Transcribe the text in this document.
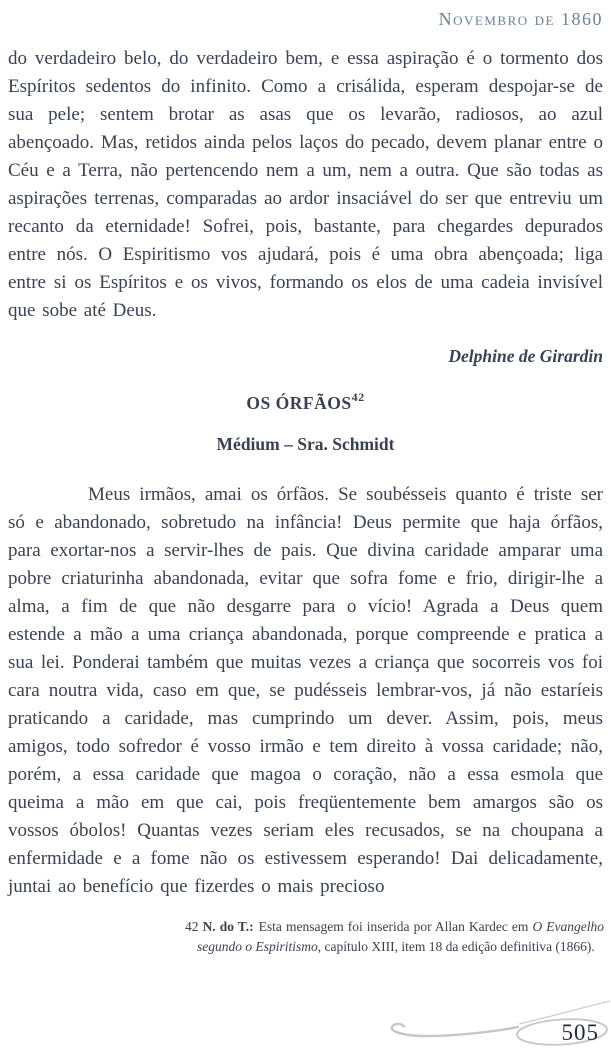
Novembro de 1860

do verdadeiro belo, do verdadeiro bem, e essa aspiração é o tormento dos Espíritos sedentos do infinito. Como a crisálida, esperam despojar-se de sua pele; sentem brotar as asas que os levarão, radiosos, ao azul abençoado. Mas, retidos ainda pelos laços do pecado, devem planar entre o Céu e a Terra, não pertencendo nem a um, nem a outra. Que são todas as aspirações terrenas, comparadas ao ardor insaciável do ser que entreviu um recanto da eternidade! Sofrei, pois, bastante, para chegardes depurados entre nós. O Espiritismo vos ajudará, pois é uma obra abençoada; liga entre si os Espíritos e os vivos, formando os elos de uma cadeia invisível que sobe até Deus.

Delphine de Girardin
OS ÓRFÃOS42
Médium – Sra. Schmidt

Meus irmãos, amai os órfãos. Se soubésseis quanto é triste ser só e abandonado, sobretudo na infância! Deus permite que haja órfãos, para exortar-nos a servir-lhes de pais. Que divina caridade amparar uma pobre criaturinha abandonada, evitar que sofra fome e frio, dirigir-lhe a alma, a fim de que não desgarre para o vício! Agrada a Deus quem estende a mão a uma criança abandonada, porque compreende e pratica a sua lei. Ponderai também que muitas vezes a criança que socorreis vos foi cara noutra vida, caso em que, se pudésseis lembrar-vos, já não estaríeis praticando a caridade, mas cumprindo um dever. Assim, pois, meus amigos, todo sofredor é vosso irmão e tem direito à vossa caridade; não, porém, a essa caridade que magoa o coração, não a essa esmola que queima a mão em que cai, pois freqüentemente bem amargos são os vossos óbolos! Quantas vezes seriam eles recusados, se na choupana a enfermidade e a fome não os estivessem esperando! Dai delicadamente, juntai ao benefício que fizerdes o mais precioso

42 N. do T.: Esta mensagem foi inserida por Allan Kardec em O Evangelho segundo o Espiritismo, capítulo XIII, item 18 da edição definitiva (1866).

505
